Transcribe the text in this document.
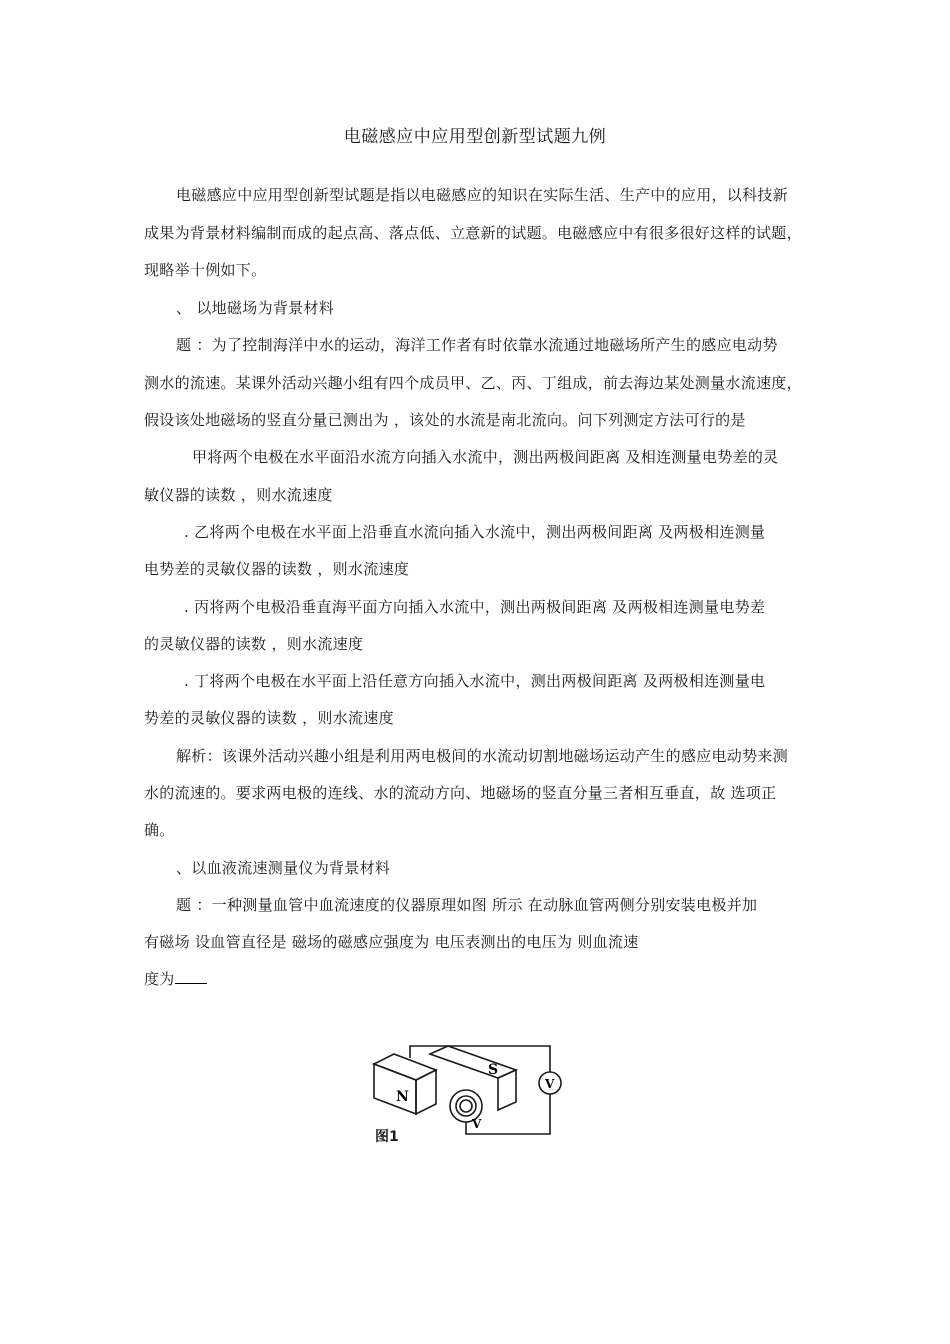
电磁感应中应用型创新型试题九例
电磁感应中应用型创新型试题是指以电磁感应的知识在实际生活、生产中的应用，以科技新
成果为背景材料编制而成的起点高、落点低、立意新的试题。电磁感应中有很多很好这样的试题，
现略举十例如下。
、 以地磁场为背景材料
题 ：为了控制海洋中水的运动，海洋工作者有时依靠水流通过地磁场所产生的感应电动势
测水的流速。某课外活动兴趣小组有四个成员甲、乙、丙、丁组成，前去海边某处测量水流速度，
假设该处地磁场的竖直分量已测出为 ，该处的水流是南北流向。问下列测定方法可行的是
甲将两个电极在水平面沿水流方向插入水流中，测出两极间距离 及相连测量电势差的灵
敏仪器的读数 ，则水流速度
. 乙将两个电极在水平面上沿垂直水流向插入水流中，测出两极间距离 及两极相连测量
电势差的灵敏仪器的读数 ，则水流速度
. 丙将两个电极沿垂直海平面方向插入水流中，测出两极间距离 及两极相连测量电势差
的灵敏仪器的读数 ，则水流速度
. 丁将两个电极在水平面上沿任意方向插入水流中，测出两极间距离 及两极相连测量电
势差的灵敏仪器的读数 ，则水流速度
解析：该课外活动兴趣小组是利用两电极间的水流动切割地磁场运动产生的感应电动势来测
水的流速的。要求两电极的连线、水的流动方向、地磁场的竖直分量三者相互垂直，故 选项正
确。
、以血液流速测量仪为背景材料
题 ：一种测量血管中血流速度的仪器原理如图 所示 在动脉血管两侧分别安装电极并加
有磁场 设血管直径是 磁场的磁感应强度为 电压表测出的电压为 则血流速
度为
N
S
V
V
图1
